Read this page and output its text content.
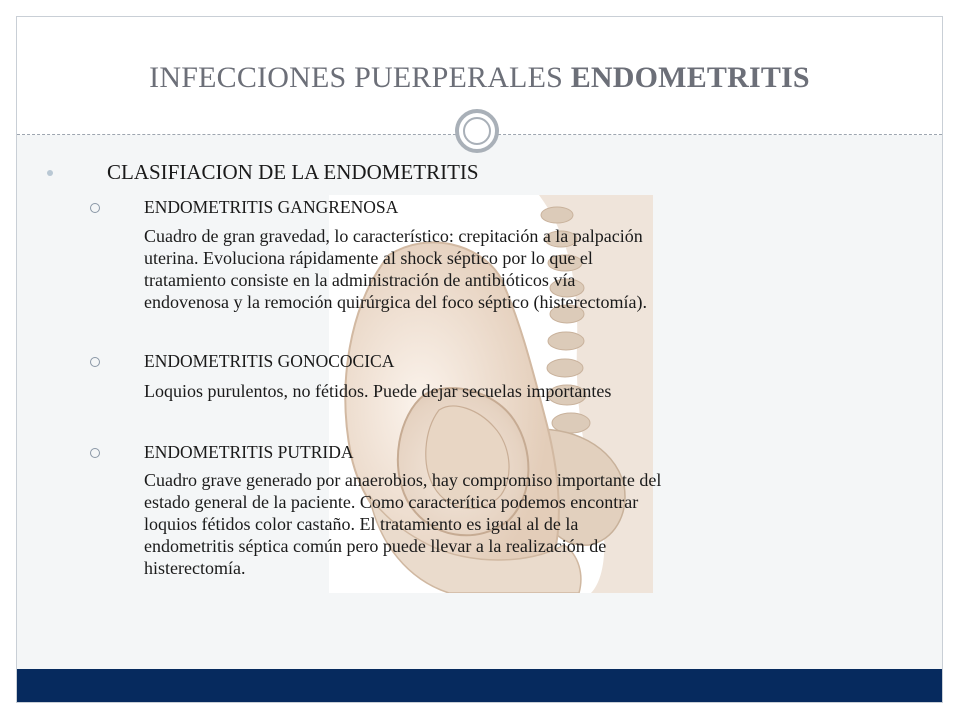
INFECCIONES PUERPERALES ENDOMETRITIS
CLASIFIACION DE LA ENDOMETRITIS
ENDOMETRITIS GANGRENOSA
Cuadro de gran gravedad, lo característico: crepitación a la palpación
uterina. Evoluciona rápidamente al shock séptico por lo que el
tratamiento consiste en la administración de antibióticos vía
endovenosa y la remoción quirúrgica del foco séptico (histerectomía).
ENDOMETRITIS GONOCOCICA
Loquios purulentos, no fétidos. Puede dejar secuelas importantes
ENDOMETRITIS PUTRIDA
Cuadro grave generado por anaerobios, hay compromiso importante del
estado general de la paciente. Como caracterítica podemos encontrar
loquios fétidos color castaño. El tratamiento es igual al de la
endometritis séptica común pero puede llevar a la realización de
histerectomía.
